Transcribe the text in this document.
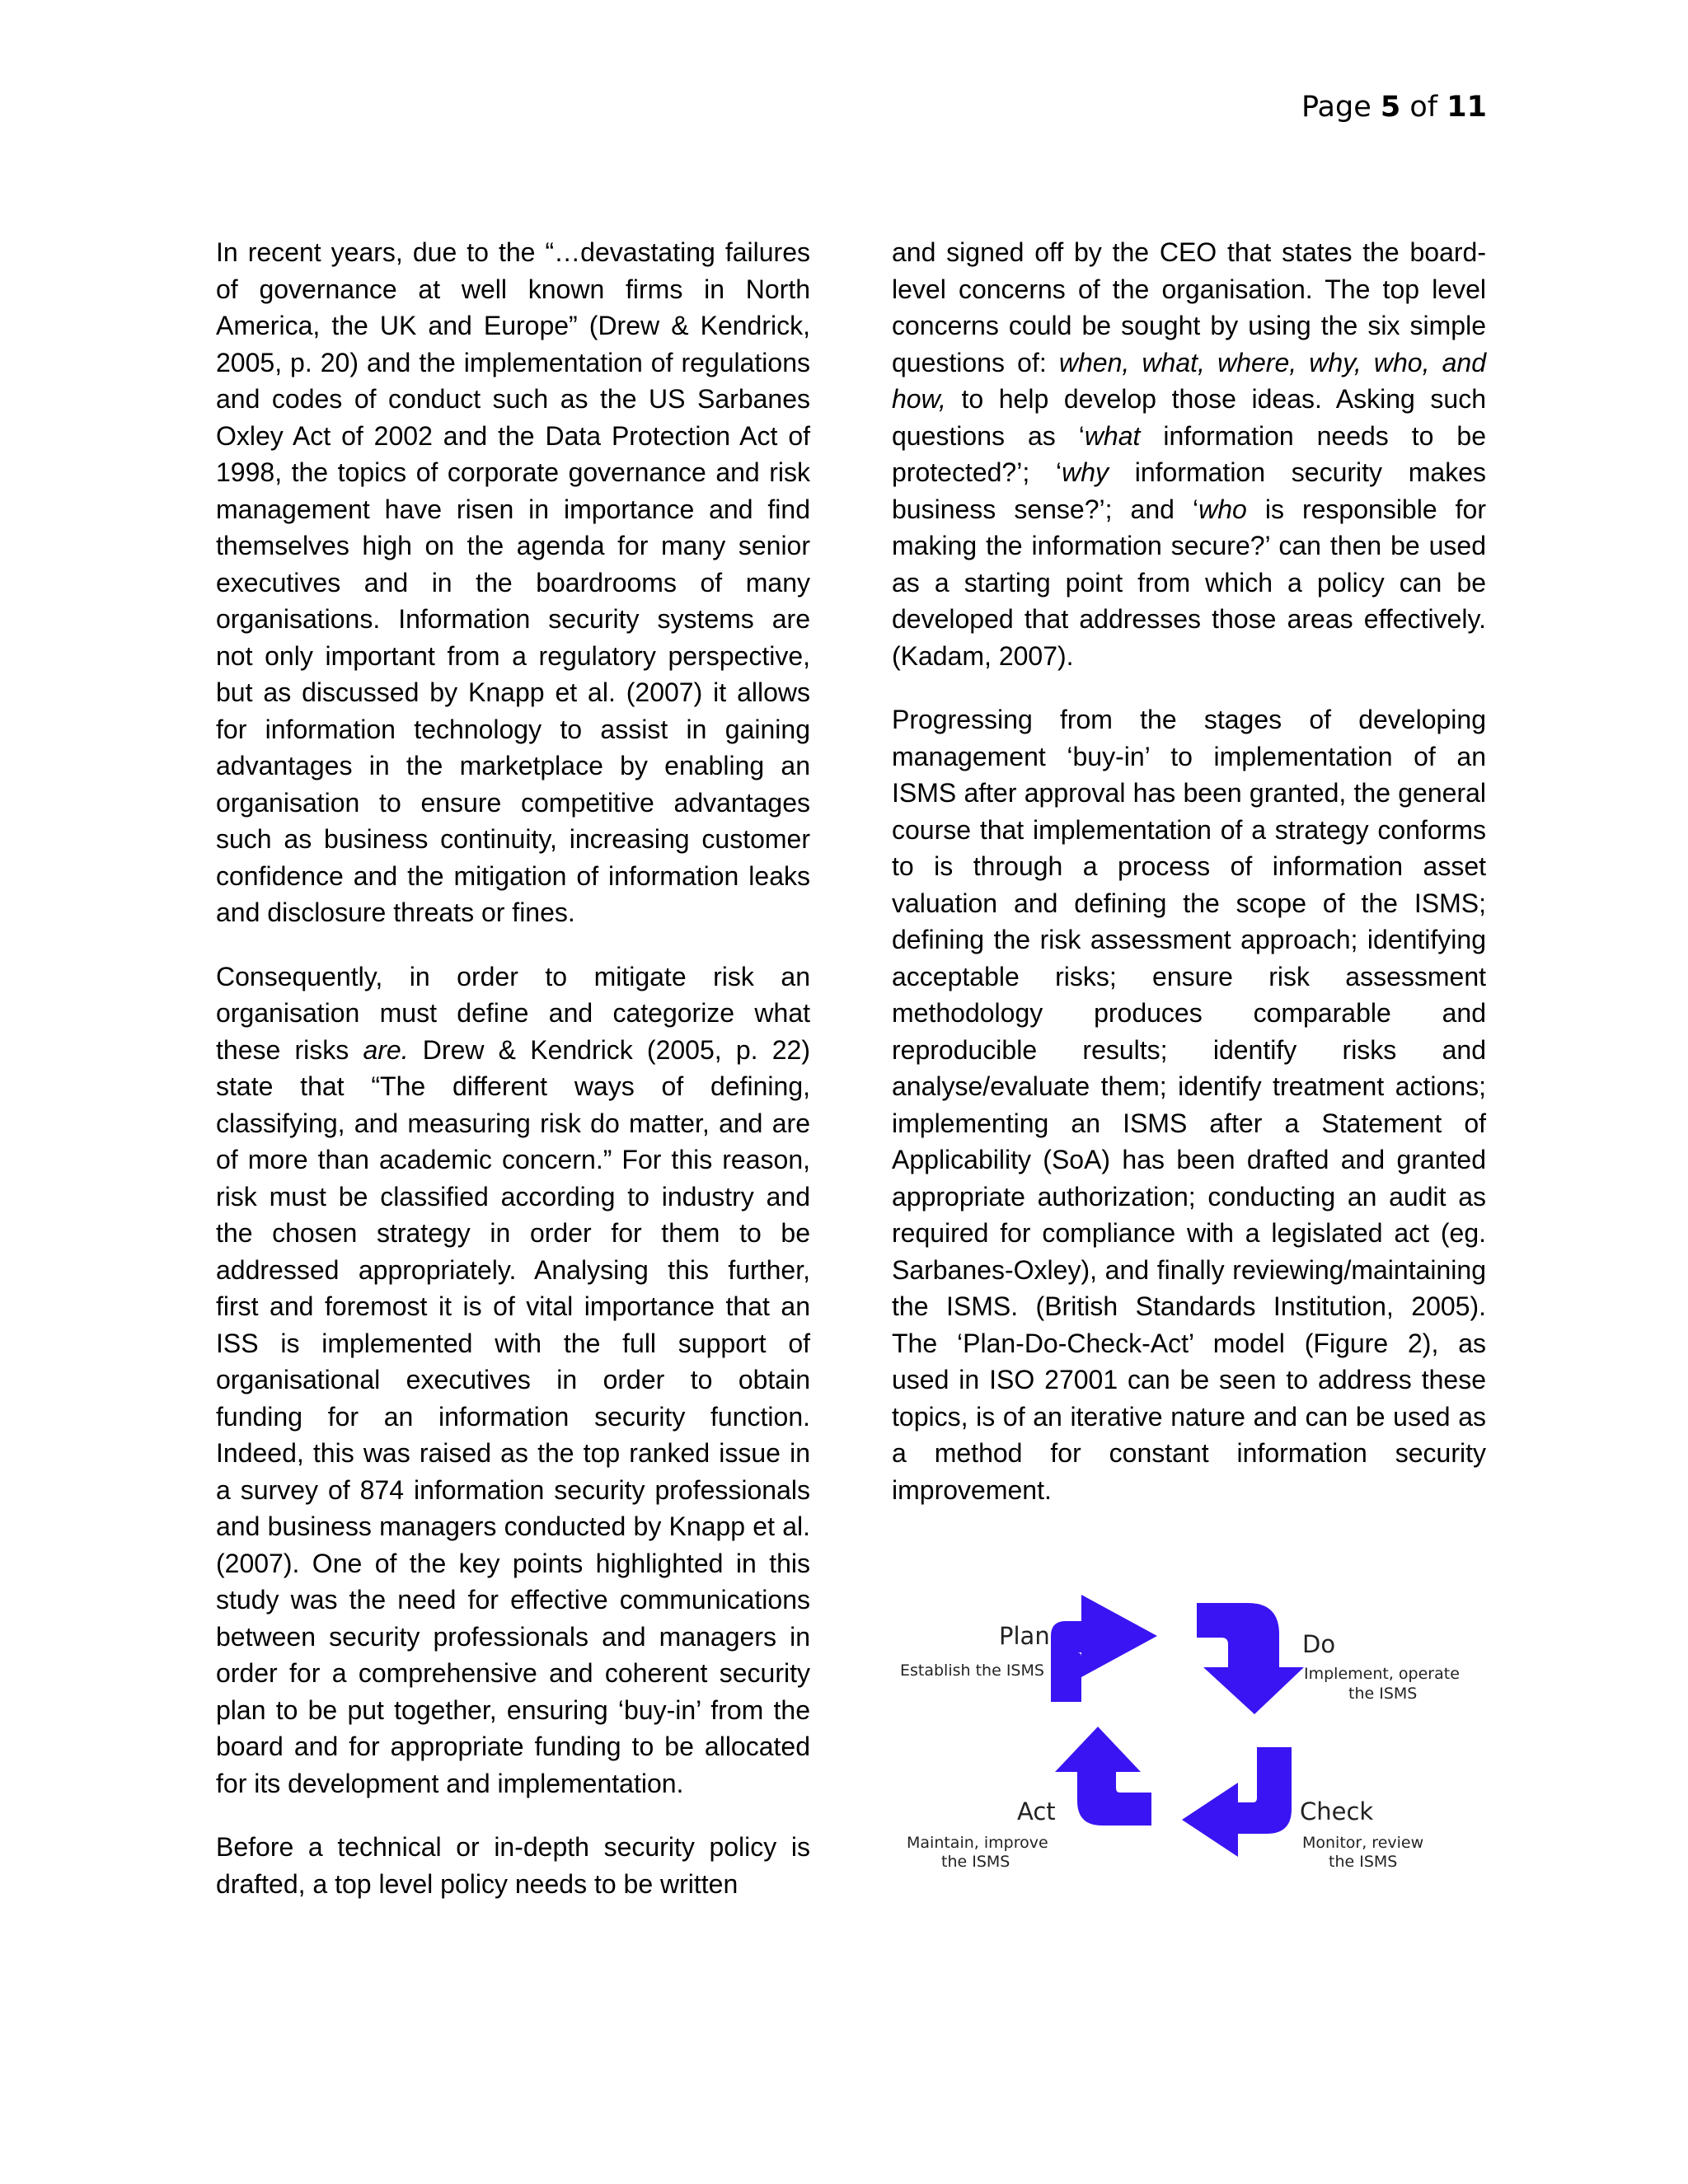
Page 5 of 11

In recent years, due to the “…devastating failures of governance at well known firms in North America, the UK and Europe” (Drew & Kendrick, 2005, p. 20) and the implementation of regulations and codes of conduct such as the US Sarbanes Oxley Act of 2002 and the Data Protection Act of 1998, the topics of corporate governance and risk management have risen in importance and find themselves high on the agenda for many senior executives and in the boardrooms of many organisations. Information security systems are not only important from a regulatory perspective, but as discussed by Knapp et al. (2007) it allows for information technology to assist in gaining advantages in the marketplace by enabling an organisation to ensure competitive advantages such as business continuity, increasing customer confidence and the mitigation of information leaks and disclosure threats or fines.

Consequently, in order to mitigate risk an organisation must define and categorize what these risks are. Drew & Kendrick (2005, p. 22) state that “The different ways of defining, classifying, and measuring risk do matter, and are of more than academic concern.” For this reason, risk must be classified according to industry and the chosen strategy in order for them to be addressed appropriately. Analysing this further, first and foremost it is of vital importance that an ISS is implemented with the full support of organisational executives in order to obtain funding for an information security function. Indeed, this was raised as the top ranked issue in a survey of 874 information security professionals and business managers conducted by Knapp et al. (2007). One of the key points highlighted in this study was the need for effective communications between security professionals and managers in order for a comprehensive and coherent security plan to be put together, ensuring ‘buy-in’ from the board and for appropriate funding to be allocated for its development and implementation.

Before a technical or in-depth security policy is drafted, a top level policy needs to be written

and signed off by the CEO that states the board-level concerns of the organisation. The top level concerns could be sought by using the six simple questions of: when, what, where, why, who, and how, to help develop those ideas. Asking such questions as ‘what information needs to be protected?’; ‘why information security makes business sense?’; and ‘who is responsible for making the information secure?’ can then be used as a starting point from which a policy can be developed that addresses those areas effectively. (Kadam, 2007).

Progressing from the stages of developing management ‘buy-in’ to implementation of an ISMS after approval has been granted, the general course that implementation of a strategy conforms to is through a process of information asset valuation and defining the scope of the ISMS; defining the risk assessment approach; identifying acceptable risks; ensure risk assessment methodology produces comparable and reproducible results; identify risks and analyse/evaluate them; identify treatment actions; implementing an ISMS after a Statement of Applicability (SoA) has been drafted and granted appropriate authorization; conducting an audit as required for compliance with a legislated act (eg. Sarbanes-Oxley), and finally reviewing/maintaining the ISMS. (British Standards Institution, 2005). The ‘Plan-Do-Check-Act’ model (Figure 2), as used in ISO 27001 can be seen to address these topics, is of an iterative nature and can be used as a method for constant information security improvement.

Plan
Establish the ISMS
Do
Implement, operate
the ISMS
Act
Maintain, improve
the ISMS
Check
Monitor, review
the ISMS
